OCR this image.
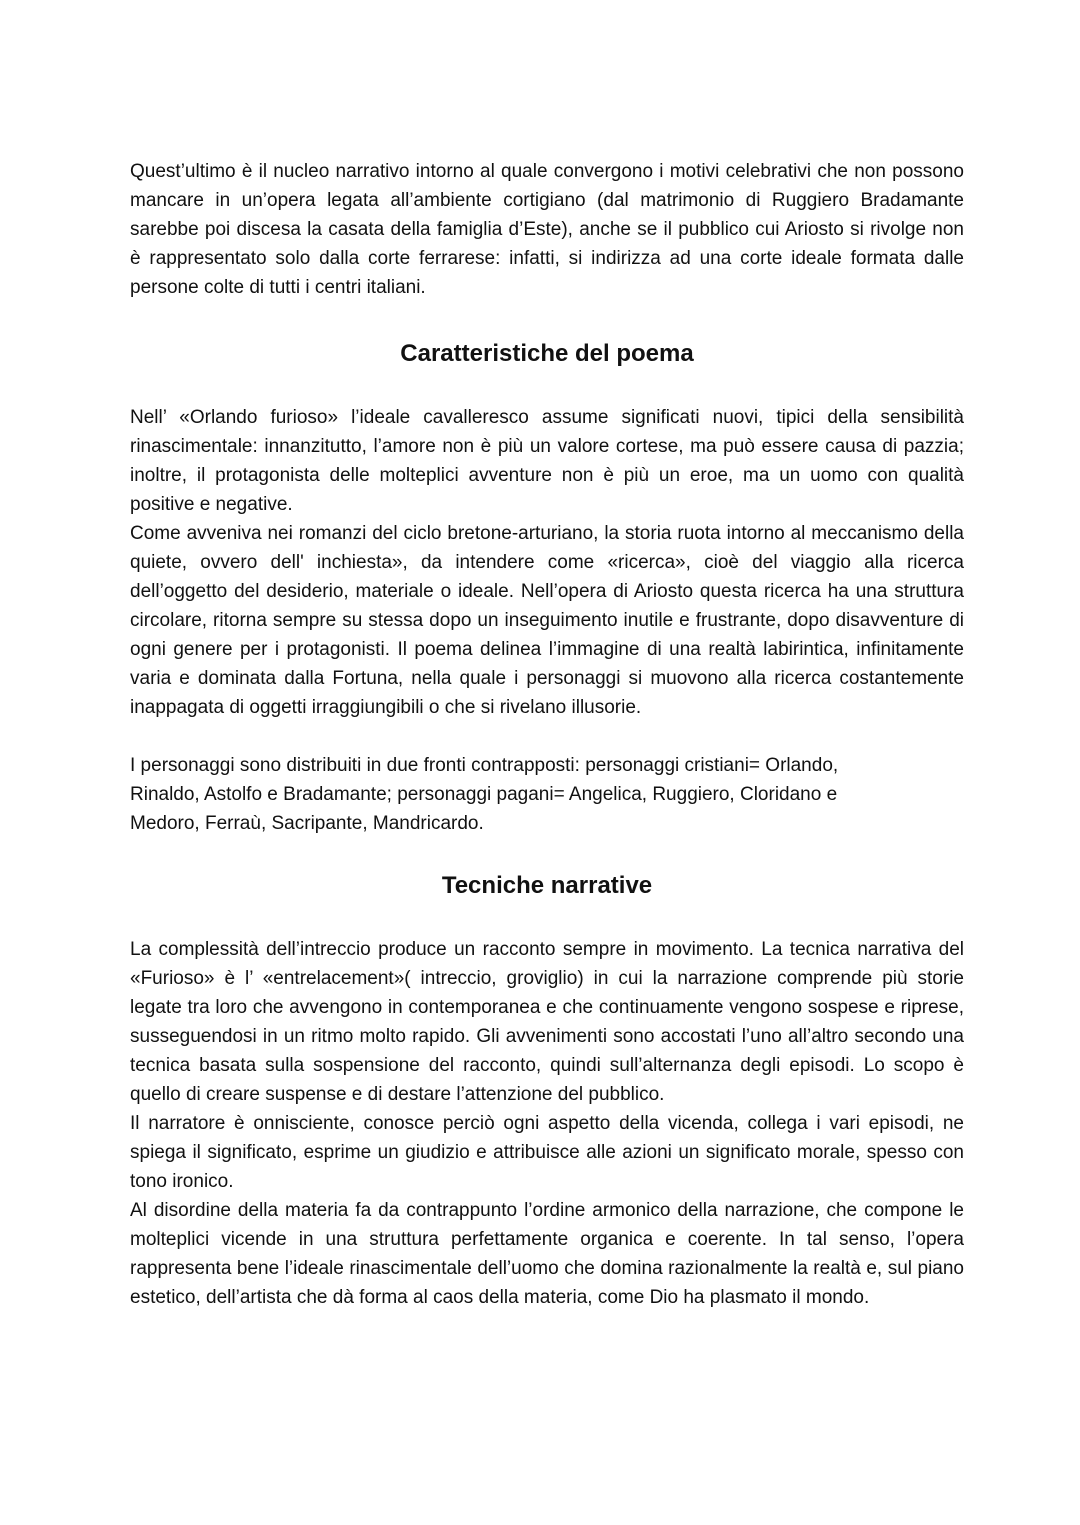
Quest’ultimo è il nucleo narrativo intorno al quale convergono i motivi celebrativi che non possono mancare in un’opera legata all’ambiente cortigiano (dal matrimonio di Ruggiero Bradamante sarebbe poi discesa la casata della famiglia d’Este), anche se il pubblico cui Ariosto si rivolge non è rappresentato solo dalla corte ferrarese: infatti, si indirizza ad una corte ideale formata dalle persone colte di tutti i centri italiani.

Caratteristiche del poema

Nell’ «Orlando furioso» l’ideale cavalleresco assume significati nuovi, tipici della sensibilità rinascimentale: innanzitutto, l’amore non è più un valore cortese, ma può essere causa di pazzia; inoltre, il protagonista delle molteplici avventure non è più un eroe, ma un uomo con qualità positive e negative.

Come avveniva nei romanzi del ciclo bretone-arturiano, la storia ruota intorno al meccanismo della quiete, ovvero dell' inchiesta», da intendere come «ricerca», cioè del viaggio alla ricerca dell’oggetto del desiderio, materiale o ideale. Nell’opera di Ariosto questa ricerca ha una struttura circolare, ritorna sempre su stessa dopo un inseguimento inutile e frustrante, dopo disavventure di ogni genere per i protagonisti. Il poema delinea l’immagine di una realtà labirintica, infinitamente varia e dominata dalla Fortuna, nella quale i personaggi si muovono alla ricerca costantemente inappagata di oggetti irraggiungibili o che si rivelano illusorie.

I personaggi sono distribuiti in due fronti contrapposti: personaggi cristiani= Orlando,
Rinaldo, Astolfo e Bradamante; personaggi pagani= Angelica, Ruggiero, Cloridano e
Medoro, Ferraù, Sacripante, Mandricardo.

Tecniche narrative

La complessità dell’intreccio produce un racconto sempre in movimento. La tecnica narrativa del «Furioso» è l’ «entrelacement»( intreccio, groviglio) in cui la narrazione comprende più storie legate tra loro che avvengono in contemporanea e che continuamente vengono sospese e riprese, susseguendosi in un ritmo molto rapido. Gli avvenimenti sono accostati l’uno all’altro secondo una tecnica basata sulla sospensione del racconto, quindi sull’alternanza degli episodi. Lo scopo è quello di creare suspense e di destare l’attenzione del pubblico.

Il narratore è onnisciente, conosce perciò ogni aspetto della vicenda, collega i vari episodi, ne spiega il significato, esprime un giudizio e attribuisce alle azioni un significato morale, spesso con tono ironico.

Al disordine della materia fa da contrappunto l’ordine armonico della narrazione, che compone le molteplici vicende in una struttura perfettamente organica e coerente. In tal senso, l’opera rappresenta bene l’ideale rinascimentale dell’uomo che domina razionalmente la realtà e, sul piano estetico, dell’artista che dà forma al caos della materia, come Dio ha plasmato il mondo.
